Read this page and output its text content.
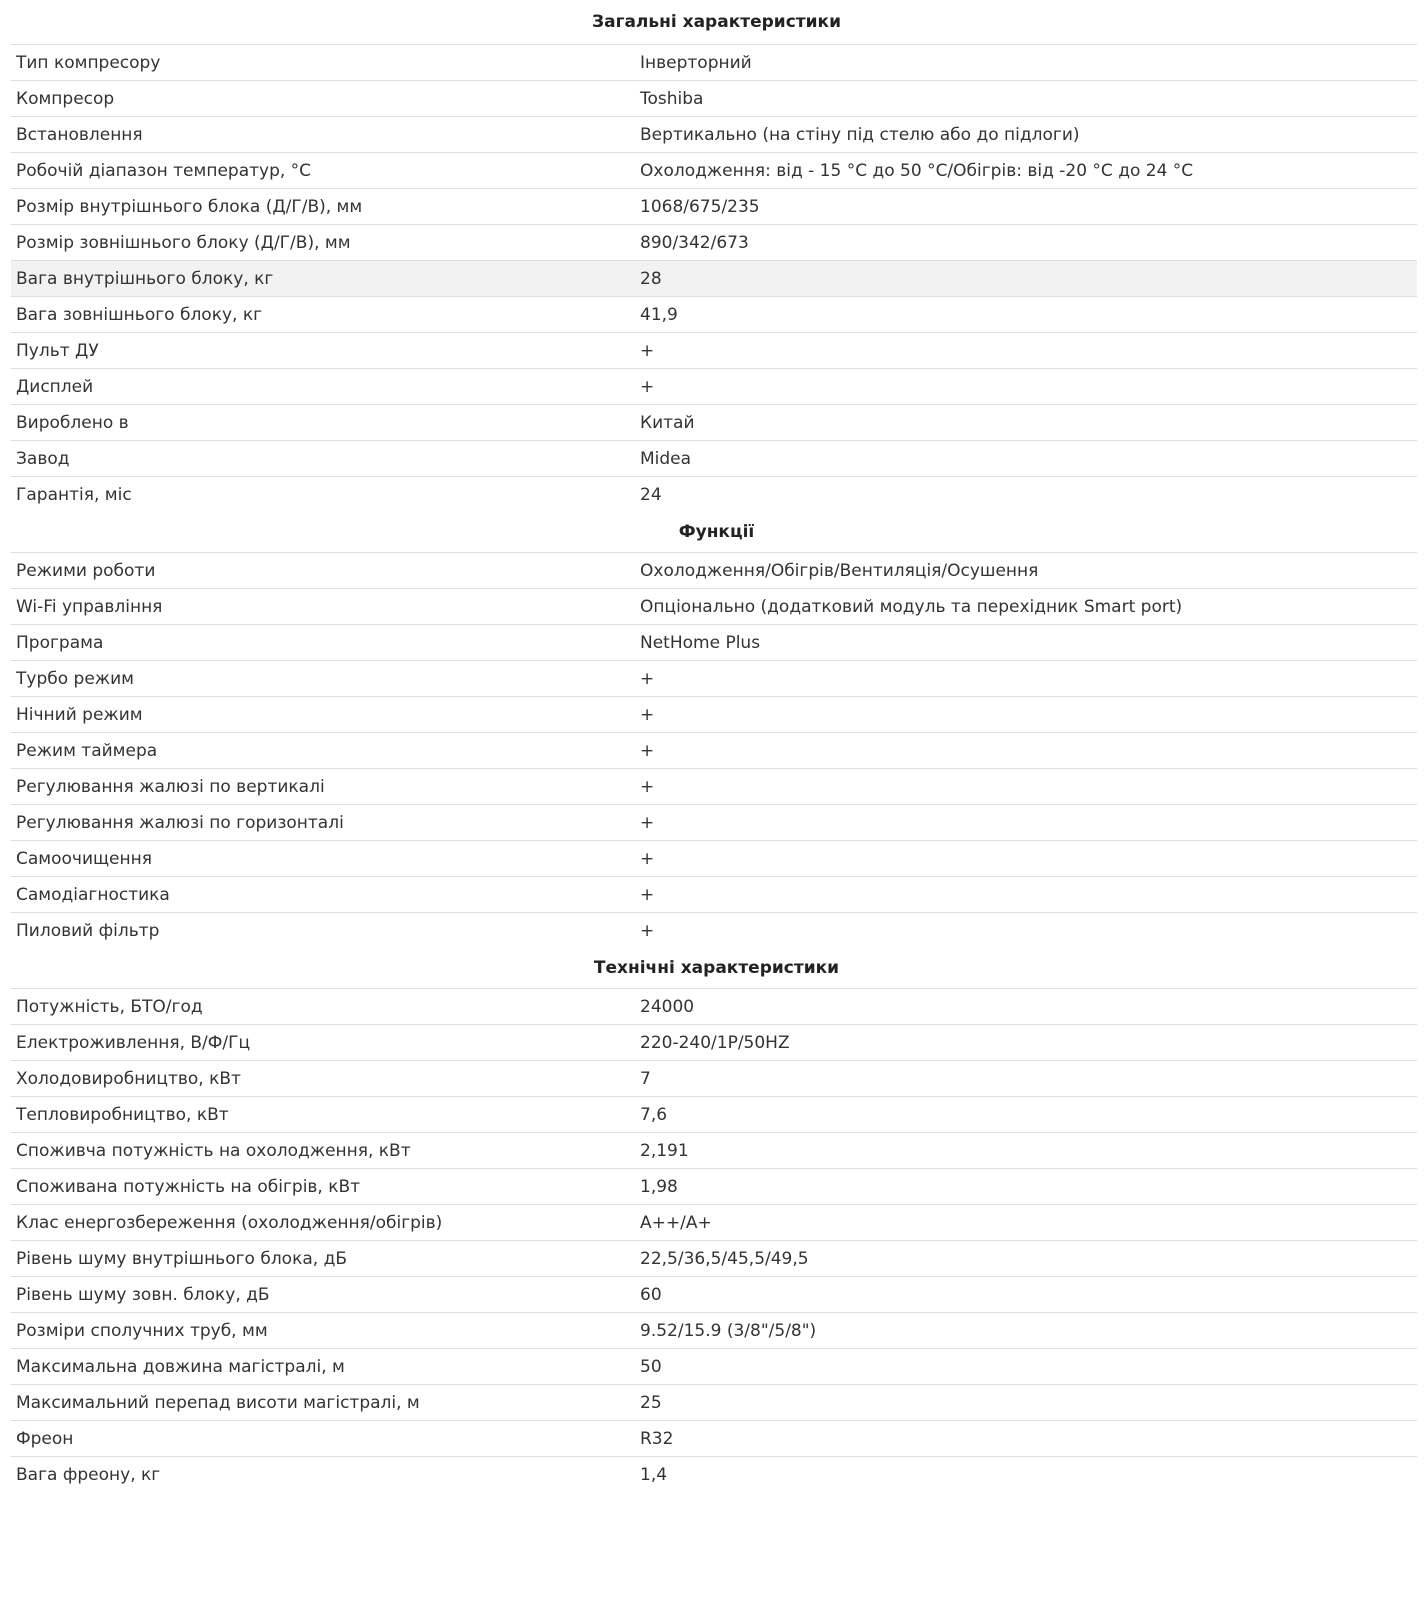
Загальні характеристики	
Тип компресору	Інверторний
Компресор	Toshiba
Встановлення	Вертикально (на стіну під стелю або до підлоги)
Робочій діапазон температур, °С	Охолодження: від - 15 °С до 50 °С/Обігрів: від -20 °С до 24 °С
Розмір внутрішнього блока (Д/Г/В), мм	1068/675/235
Розмір зовнішнього блоку (Д/Г/В), мм	890/342/673
Вага внутрішнього блоку, кг	28
Вага зовнішнього блоку, кг	41,9
Пульт ДУ	+
Дисплей	+
Вироблено в	Китай
Завод	Midea
Гарантія, міс	24
Функції	
Режими роботи	Охолодження/Обігрів/Вентиляція/Осушення
Wi-Fi управління	Опціонально (додатковий модуль та перехідник Smart port)
Програма	NetHome Plus
Турбо режим	+
Нічний режим	+
Режим таймера	+
Регулювання жалюзі по вертикалі	+
Регулювання жалюзі по горизонталі	+
Самоочищення	+
Самодіагностика	+
Пиловий фільтр	+
Технічні характеристики	
Потужність, БТО/год	24000
Електроживлення, В/Ф/Гц	220-240/1P/50HZ
Холодовиробництво, кВт	7
Тепловиробництво, кВт	7,6
Споживча потужність на охолодження, кВт	2,191
Споживана потужність на обігрів, кВт	1,98
Клас енергозбереження (охолодження/обігрів)	A++/A+
Рівень шуму внутрішнього блока, дБ	22,5/36,5/45,5/49,5
Рівень шуму зовн. блоку, дБ	60
Розміри сполучних труб, мм	9.52/15.9 (3/8"/5/8")
Максимальна довжина магістралі, м	50
Максимальний перепад висоти магістралі, м	25
Фреон	R32
Вага фреону, кг	1,4
